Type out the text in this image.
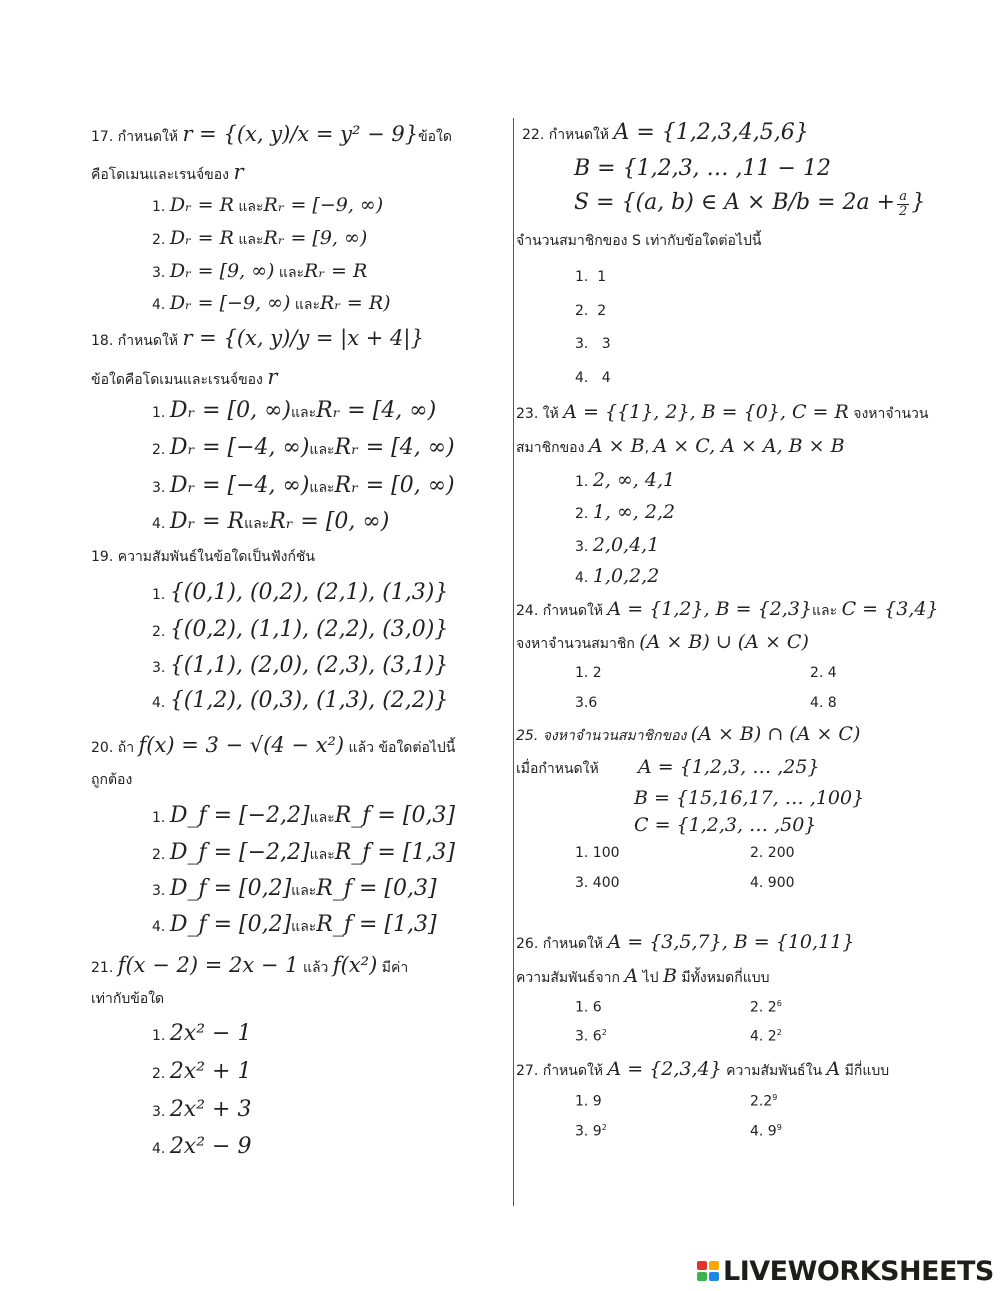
17. กำหนดให้ r = {(x, y)/x = y² − 9}ข้อใด
คือโดเมนและเรนจ์ของ r
1. Dᵣ = R และRᵣ = [−9, ∞)
2. Dᵣ = R และRᵣ = [9, ∞)
3. Dᵣ = [9, ∞) และRᵣ = R
4. Dᵣ = [−9, ∞) และRᵣ = R)
18. กำหนดให้ r = {(x, y)/y = |x + 4|}
ข้อใดคือโดเมนและเรนจ์ของ r
1. Dᵣ = [0, ∞)และRᵣ = [4, ∞)
2. Dᵣ = [−4, ∞)และRᵣ = [4, ∞)
3. Dᵣ = [−4, ∞)และRᵣ = [0, ∞)
4. Dᵣ = RและRᵣ = [0, ∞)
19. ความสัมพันธ์ในข้อใดเป็นฟังก์ชัน
1. {(0,1), (0,2), (2,1), (1,3)}
2. {(0,2), (1,1), (2,2), (3,0)}
3. {(1,1), (2,0), (2,3), (3,1)}
4. {(1,2), (0,3), (1,3), (2,2)}
20. ถ้า f(x) = 3 − √(4 − x²) แล้ว ข้อใดต่อไปนี้
ถูกต้อง
1. D_f = [−2,2]และR_f = [0,3]
2. D_f = [−2,2]และR_f = [1,3]
3. D_f = [0,2]และR_f = [0,3]
4. D_f = [0,2]และR_f = [1,3]
21. f(x − 2) = 2x − 1 แล้ว f(x²) มีค่า
เท่ากับข้อใด
1. 2x² − 1
2. 2x² + 1
3. 2x² + 3
4. 2x² − 9
22. กำหนดให้ A = {1,2,3,4,5,6}
B = {1,2,3, … ,11 − 12
S = {(a, b) ∈ $A \times B/b = 2a + \frac{a}{2}$ }
จำนวนสมาชิกของ S เท่ากับข้อใดต่อไปนี้
1. 1
2. 2
3.   3
4.   4
23. ให้ A = {{1}, 2}, B = {0}, C = R จงหาจำนวน
สมาชิกของ A × B, A × C, A × A, B × B
1. 2, ∞, 4,1
2. 1, ∞, 2,2
3. 2,0,4,1
4. 1,0,2,2
24. กำหนดให้ A = {1,2}, B = {2,3}และ C = {3,4}
จงหาจำนวนสมาชิก (A × B) ∪ (A × C)
1. 2	2. 4
3.6	4. 8
25. จงหาจำนวนสมาชิกของ (A × B) ∩ (A × C)
เมื่อกำหนดให้ A = {1,2,3, … ,25}
B = {15,16,17, … ,100}
C = {1,2,3, … ,50}
1. 100	2. 200
3. 400	4. 900
26. กำหนดให้ A = {3,5,7}, B = {10,11}
ความสัมพันธ์จาก A ไป B มีทั้งหมดกี่แบบ
1. 6	2. $2^6$
3. $6^2$	4. $2^2$
27. กำหนดให้ A = {2,3,4} ความสัมพันธ์ใน A มีกี่แบบ
1. 9	$2.2^9$
3. $9^2$	4. $9^9$
LIVEWORKSHEETS
